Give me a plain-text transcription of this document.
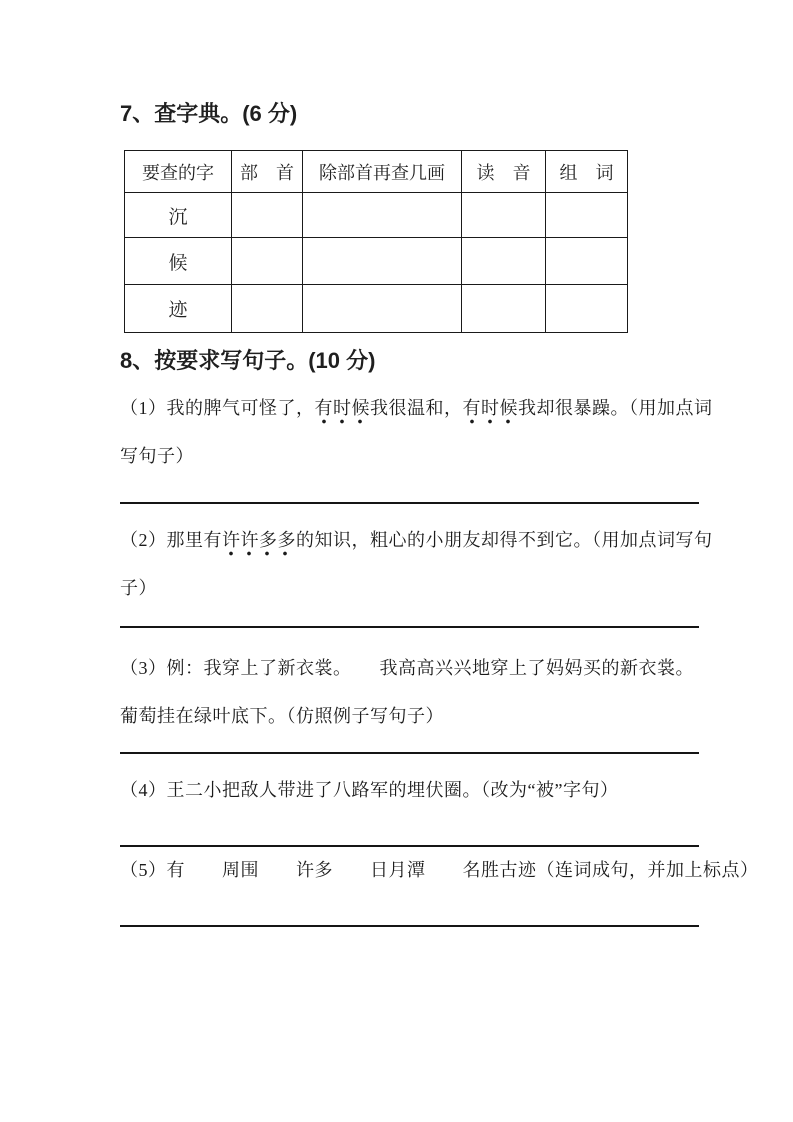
7、查字典。(6 分)
要查的字	部　首	除部首再查几画	读　音	组　词
沉				
候				
迹				
8、按要求写句子。(10 分)
（1）我的脾气可怪了，有时候我很温和，有时候我却很暴躁。（用加点词
写句子）
（2）那里有许许多多的知识，粗心的小朋友却得不到它。（用加点词写句
子）
（3）例：我穿上了新衣裳。　　我高高兴兴地穿上了妈妈买的新衣裳。
葡萄挂在绿叶底下。（仿照例子写句子）
（4）王二小把敌人带进了八路军的埋伏圈。（改为“被”字句）
（5）有　　周围　　许多　　日月潭　　名胜古迹（连词成句，并加上标点）
